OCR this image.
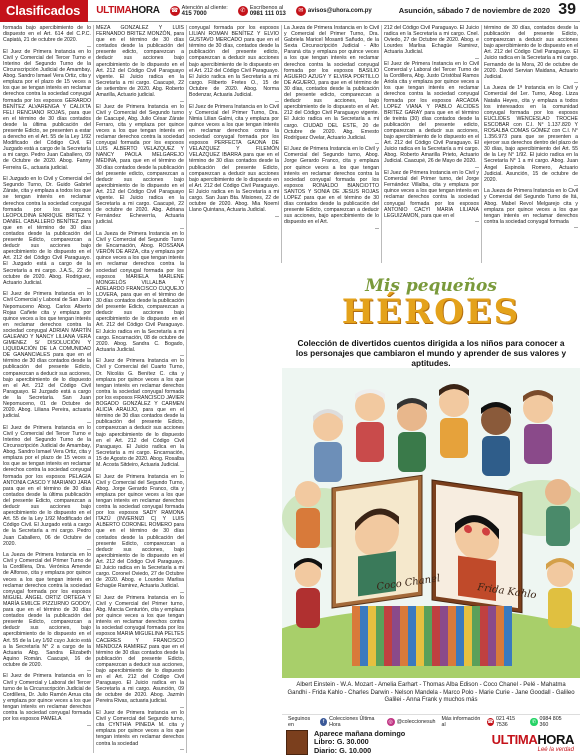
Clasificados	ULTIMAHORA ☎ Atención al cliente:
415 7000	✆ Escríbenos al
0981 111 013	✉ avisos@uhora.com.py	Asunción, sábado 7 de noviembre de 2020 39

formada bajo apercibimiento de lo dispuesto en el Art. 614 del C.P.C. Capiatá, 21 de octubre de 2020.

—

El Juez de Primera Instancia en lo Civil y Comercial del Tercer Turno e Interino del Segundo Turno de la Circunscripción Judicial de Amambay, Abog. Sandro Ismael Vera Ortiz, cita y emplaza por el plazo de 15 veces a los que se tengan interés en reclamar derechos contra la sociedad conyugal formada por los esposos GERARDO BENÍTEZ ALVARENGA Y CALIXTA FELI RENCIANO ROJAS, para que en el término de 30 días contados desde la última publicación del presente Edicto, se presenten a estar a derecho en el Art. 55 de la Ley 1/92 Modificado del Código Civil. El Juzgado está a cargo de la Secretaría a mi cargo. Pedro Juan Caballero, 09 de Octubre de 2020. Abog. Fanny Ferreira G., actuaria judicial.

—

El Juzgado en lo Civil y Comercial del Segundo Turno, Dr. Guido Gabriel Zárate, cita y emplaza a todos los que se tengan interés en reclamar derechos contra la sociedad conyugal formada por los esposos LEOPOLDINA ENRIQUE BRITEZ Y DANIEL CABALLERO BENÍTEZ para que en el término de 30 días contados desde la publicación del presente Edicto, comparezcan a deducir sus acciones bajo apercibimiento de lo dispuesto en el Art. 212 del Código Civil Paraguayo. El Juzgado está a cargo de la Secretaría a mi cargo. J.A.S., 22 de octubre de 2020. Abog. Rodriguez, Actuario Judicial.

—

El Juez de Primera Instancia en lo Civil Comercial y Laboral de San Juan Nepomuceno Abog. Carlos Alberto Rojas Cañete cita y emplaza por quince veces a los que tengan interés en reclamar derechos contra la sociedad conyugal ADRIAN MARTÍN GALEANO Y NANCY LILIANA VERA GIMENEZ S/ DISOLUCIÓN Y LIQUIDACIÓN DE LA COMUNIDAD DE GANANCIALES para que en el término de 30 días contados desde la publicación del presente Edicto, comparezcan a deducir sus acciones, bajo apercibimiento de lo dispuesto en el Art. 212 del Código Civil Paraguayo. El Juzgado está a cargo de la Secretaría. San Juan Nepomuceno, 01 de Octubre de 2020. Abog. Liliana Pereira, actuaria judicial.

—

El Juez de Primera Instancia en lo Civil y Comercial del Tercer Turno e Interino del Segundo Turno de la Circunscripción Judicial de Amambay, Abog. Sandro Ismael Vera Ortiz, cita y emplaza por el plazo de 15 veces a los que se tengan interés en reclamar derechos contra la sociedad conyugal formada por los esposos PELAGIA ANTONIA CASCO Y MARIANO JARA para que en el término de 30 días contados desde la última publicación del presente Edicto, comparezcan a deducir sus acciones bajo apercibimiento de lo dispuesto en el Art. 55 de la Ley 1/92 Modificado del Código Civil. El Juzgado está a cargo de la Secretaría a mi cargo. Pedro Juan Caballero, 06 de Octubre de 2020.

—

La Jueza de Primera Instancia en lo Civil y Comercial del Primer Turno de la Cordillera, Dra. Verónica Amende de Alfonso, cita y emplaza por quince veces a los que tengan interés en reclamar derechos contra la sociedad conyugal formada por los esposos MIGUEL ÁNGEL ORTIZ ORTEGA Y MARÍA EMILCE PIZZURNO GODOY, para que en el término de 30 días contados desde la publicación del presente Edicto, comparezcan a deducir sus acciones, bajo apercibimiento de lo dispuesto en el Art. 55 de la Ley 1/92 cuyo Juicio está a la Secretaría N° 2 a cargo de la Actuaria Abg. Sandra Elizabeth Aquino Román. Caacupé, 16 de octubre de 2020.

—

El Juez de Primera Instancia en lo Civil y Comercial y Laboral del Tercer turno de la Circunscripción Judicial de Cordillera, Dr. Julio Ramón Arrua cita y emplaza por quince veces a los que tengan interés en reclamar derechos contra la sociedad conyugal formada por los esposos PAMELA

—

MEZA GONZÁLEZ Y LUIS FERNANDO BRITEZ MONZÓN, para que en el término de 30 días contados desde la publicación del presente edicto, comparezcan a deducir sus acciones bajo apercibimiento de lo dispuesto en el Art. 212 del Código Civil Paraguayo vigente. El Juicio radica en la Secretaría a mi cargo. Caacupé, 22 de setiembre de 2020. Abg. Roberto Amarilla, Actuario judicial.

—

El Juez de Primera Instancia en lo Civil y Comercial del Segundo turno de Caacupé, Abg. Julio César Zárate Ferraro, cita y emplaza por quince veces a los que tengan interés en reclamar derechos contra la sociedad conyugal formada por los esposos LUIS ALBERTO VELAZQUEZ Y NANCY PAOLA MELGAREJO MEDINA, para que en el término de 30 días contados desde la publicación del presente edicto, comparezcan a deducir sus acciones bajo apercibimiento de lo dispuesto en el Art. 212 del Código Civil Paraguayo vigente. El Juicio radica en la Secretaría a mi cargo. Caacupé, 22 de octubre de 2020. Abg. Adriana Fernández Echeverría, Actuaria judicial.

—

La Jueza de Primera Instancia en lo Civil y Comercial del Segundo Turno de Encarnación, Abog. ROSSANA VERÓN DE ARZA, cita y emplaza por quince veces a los que tengan interés en reclamar derechos contra la sociedad conyugal formada por los esposos MARIELA MARLENE MONGELÓS VILLALBA Y ADELARDO FRANCISCO CUQUEJO LOVERA, para que en el término de 30 días contados desde la publicación del presente Edicto, comparezcan a deducir sus acciones bajo apercibimiento de lo dispuesto en el Art. 212 del Código Civil Paraguayo. El Juicio radica en la Secretaría a mi cargo. Encarnación, 08 de octubre de 2020. Abog. Sandra C. Bogado, Actuaria Judicial.

—

El Juez de Primera Instancia en lo Civil y Comercial del Cuarto Turno, Dr. Nicolás G. Benítez C. cita y emplaza por quince veces a los que tengan interés en reclamar derechos contra la sociedad conyugal formada por los esposos FRANCISCO JAVIER BOGADO GONZÁLEZ Y CARMEN ALICIA ARAUJO, para que en el término de 30 días contados desde la publicación del presente Edicto, comparezcan a deducir sus acciones bajo apercibimiento de lo dispuesto en el Art. 212 del Código Civil Paraguayo. El Juicio radica en la Secretaría a mi cargo. Encarnación, 15 de Agosto de 2020. Abog. Rosalba M. Acosta Sitdeiro, Actuaria Judicial.

—

El Juez de Primera Instancia en lo Civil y Comercial del Segundo Turno, Abog. Jorge Gerardo Franco, cita y emplaza por quince veces a los que tengan interés en reclamar derechos contra la sociedad conyugal formada por los esposos SADY RAMONA ITAZÚ (INVERNIZI C) Y LUIS ALBERTO CORONEL ROMERO para que en el término de 30 días contados desde la publicación del presente Edicto, comparezcan a deducir sus acciones, bajo apercibimiento de lo dispuesto en el Art. 212 del Código Civil Paraguayo. El Juicio radica en la Secretaría a mi cargo. Coronel Oviedo, 27 de Octubre de 2020. Abog. e Lourdes Marlisa Echagüe Ramirez, Actuaria Judicial.

—

El Juez de Primera Instancia en lo Civil y Comercial del Primer turno, Abg. Marcia Centurión, cita y emplaza por quince veces a los que tengan interés en reclamar derechos contra la sociedad conyugal formada por los esposos MARIA MIGUELINA PELTES CACERES Y FRANCISCO MENDOZA RAMIREZ para que en el término de 30 días contados desde la publicación del presente Edicto, comparezcan a deducir sus acciones, bajo apercibimiento de lo dispuesto en el Art. 212 del Código Civil Paraguayo. El Juicio radica en la Secretaría a mi cargo. Asunción, 09 de octubre de 2020. Abog. Jazmín Pereira Rivas, actuaria judicial.

—

El Juez de Primera Instancia en lo Civil y Comercial del Segundo turno, cita CYNTHIA PINEDA M. cita y emplaza por quince veces a los que tengan interés en reclamar derechos contra la sociedad

—

conyugal formada por los esposos LILIAN ROMAN BENÍTEZ Y ELVIO GUSTAVO MERCADO para que en el término de 30 días, contados desde la publicación del presente edicto, comparezcan a deducir sus acciones bajo apercibimiento de lo dispuesto en el Art. 212 del Código Civil Paraguayo. El Juicio radica en la Secretaría a mi cargo. Filiberto Fretes O., 15 de Octubre de 2020. Abog. Norma Bodenzar, Actuaria Judicial.

—

El Juez de Primera Instancia en lo Civil y Comercial del Primer Turno, Dra. Nimia Lilian Galmi, cita y emplaza por quince veces a los que tengan interés en reclamar derechos contra la sociedad conyugal formada por los esposos PERFECTA GAONA DE VELAZQUEZ Y FILEMÓN VELAZQUEZ IBARRA para que en el término de 30 días contados desde la publicación del presente Edicto, comparezcan a deducir sus acciones bajo apercibimiento de lo dispuesto en el Art. 212 del Código Civil Paraguayo. El Juicio radica en la Secretaría a mi cargo. San Juan Bta. Misiones, 22 de octubre de 2020. Abog. Mia Noemí Llano Quintana, Actuaria Judicial.

—

La Jueza de Primera Instancia en lo Civil y Comercial del Primer Turno, Dra. Gabriela Maricel Mosanti Sañudo, de la Sexta Circunscripción Judicial - Alto Paraná cita y emplaza por quince veces a los que tengan interés en reclamar derechos contra la sociedad conyugal formada por los esposos BASILIO AGUERO AZUGY Y ELVIRA PORTILLO DE AGUERO, para que en el término de 30 días, contados desde la publicación del presente edicto, comparezcan a deducir sus acciones, bajo apercibimiento de lo dispuesto en el Art. 212 del Código Civil Paraguayo vigente. El Juicio radica en la Secretaría a mi cargo. CIUDAD DEL ESTE, 20 de Octubre de 2020. Abg. Ernesto Rodríguez Ovelar, Actuario Judicial.

—

El Juez de Primera Instancia en lo Civil y Comercial del Segundo turno, Abog. Jorge Gerardo Franco, cita y emplaza por quince veces a los que tengan interés en reclamar derechos contra la sociedad conyugal formada por los esposos RONALDO BIANCIOTTO SANTOS Y SONIA DE JESUS ROJAS LOPEZ para que en el término de 30 días contados desde la publicación del presente Edicto, comparezcan a deducir sus acciones, bajo apercibimiento de lo dispuesto en el Art.

—

212 del Código Civil Paraguayo. El Juicio radica en la Secretaría a mi cargo. Cnel. Oviedo, 27 de Octubre de 2020. Abog. e Lourdes Marlisa Echagüe Ramirez, Actuaria Judicial.

—

El Juez de Primera Instancia en lo Civil Comercial y Laboral del Tercer Turno de la Cordillera, Abg. Justo Cristóbal Ramos Ariola cita y emplaza por quince veces a los que tengan interés en reclamar derechos contra la sociedad conyugal formada por los esposos ARCADIA LOPEZ VIANA Y PABLO ALCIDES BRITEZ GARAY para que en el término de treinta (30) días contados desde la publicación del presente edicto, comparezcan a deducir sus acciones, bajo apercibimiento de lo dispuesto en el Art. 212 del Código Civil Paraguayo. El Juicio radica en la Secretaría a mi cargo. Abog. Roberto Amarilla Prieto, Actuario Judicial. Caacupé, 26 de Mayo de 2020.

—

El Juez de Primera Instancia en lo Civil y Comercial del Primer turno, del Jorge Fernández Villalba, cita y emplaza por quince veces a los que tengan interés en reclamar derechos contra la sociedad conyugal formada por los esposos ANTONIO CACYI MARIA LILIANA LEGUIZAMON, para que en el

—

término de 30 días, contados desde la publicación del presente Edicto, comparezcan a deducir sus acciones bajo apercibimiento de lo dispuesto en el Art. 212 del Código Civil Paraguayo. El Juicio radica en la Secretaría a mi cargo. Fernando de la Mora, 20 de octubre de 2020. David Servian Maidana, Actuario Judicial.

—

La Jueza de 1ª Instancia en lo Civil y Comercial del 1er. Turno, Abog. Lizza Natalia Heyes, cita y emplaza a todos los interesados en la comunidad conyugal formada por los esposos EUCLIDES WENCESLAO TROCHE ESCOBAR con C.I. N° 1.137.820 Y ROSALBA COMAS GÓMEZ con C.I. N° 1.356.973 para que se presenten a ejercer sus derechos dentro del plazo de 30 días, bajo apercibimiento del Art. 55 de la Ley N° 1/92. El juicio radica en la Secretaría N° 1 a mi cargo. Abog. Juan Ángel Espinola Romero, Actuario Judicial. Asunción, 15 de octubre de 2020.

—

La Jueza de Primera Instancia en lo Civil y Comercial del Segundo Turno de Itá, Abog. Mabel Revol Melgarejo cita y emplaza por quince veces a los que tengan interés en reclamar derechos contra la sociedad conyugal formada

—
Mis pequeños
HÉROES
Colección de divertidos cuentos dirigida a los niños para conocer a los personajes que cambiaron el mundo y aprender de sus valores y aptitudes.
Coco Chanel	Frida Kahlo
Albert Einstein - W.A. Mozart - Amelia Earhart - Thomas Alba Edison - Coco Chanel - Pelé - Mahatma Gandhi - Frida Kahlo - Charles Darwin - Nelson Mandela - Marco Polo - Marie Curie - Jane Goodall - Galileo Galilei - Anna Frank y muchos más
Seguinos en	f Colecciones Última Hora	◎ @coleccionesuh Más información al	☎ 021 415 7536	✆ 0984 805 360
Aparece mañana domingo
Libro: G. 30.000
Diario: G. 10.000
ULTIMAHORA
Leé la verdad
